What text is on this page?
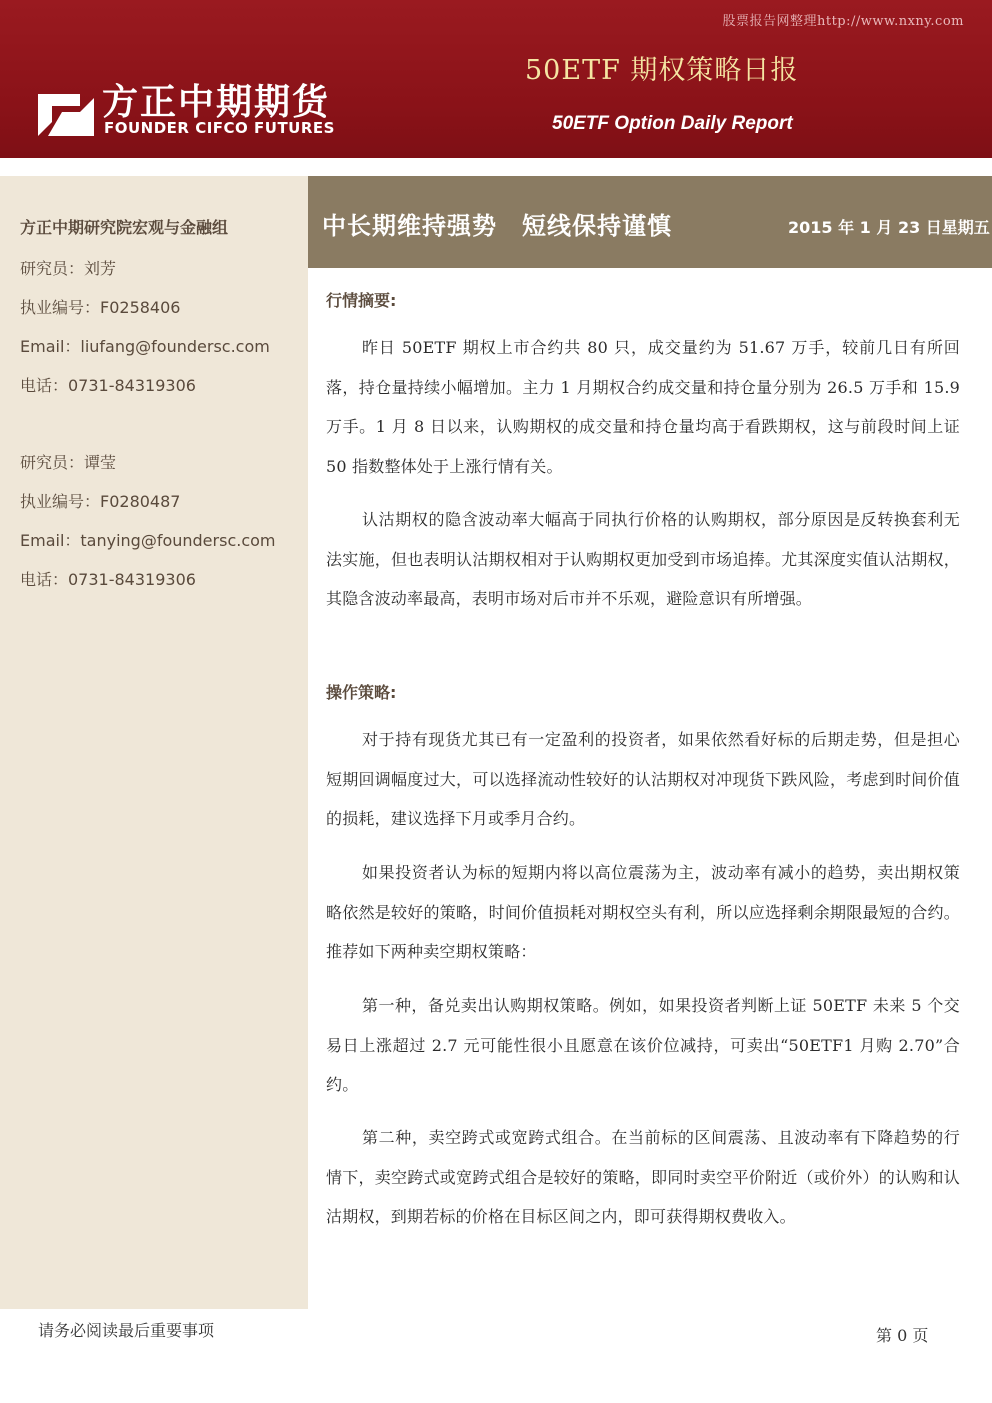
股票报告网整理http://www.nxny.com
方正中期期货
FOUNDER CIFCO FUTURES
50ETF 期权策略日报
50ETF Option Daily Report
方正中期研究院宏观与金融组
研究员：刘芳
执业编号：F0258406
Email：liufang@foundersc.com
电话：0731-84319306
研究员：谭莹
执业编号：F0280487
Email：tanying@foundersc.com
电话：0731-84319306
中长期维持强势　短线保持谨慎	2015 年 1 月 23 日星期五
行情摘要:
昨日 50ETF 期权上市合约共 80 只，成交量约为 51.67 万手，较前几日有所回落，持仓量持续小幅增加。主力 1 月期权合约成交量和持仓量分别为 26.5 万手和 15.9 万手。1 月 8 日以来，认购期权的成交量和持仓量均高于看跌期权，这与前段时间上证 50 指数整体处于上涨行情有关。
认沽期权的隐含波动率大幅高于同执行价格的认购期权，部分原因是反转换套利无法实施，但也表明认沽期权相对于认购期权更加受到市场追捧。尤其深度实值认沽期权，其隐含波动率最高，表明市场对后市并不乐观，避险意识有所增强。
操作策略:
对于持有现货尤其已有一定盈利的投资者，如果依然看好标的后期走势，但是担心短期回调幅度过大，可以选择流动性较好的认沽期权对冲现货下跌风险，考虑到时间价值的损耗，建议选择下月或季月合约。
如果投资者认为标的短期内将以高位震荡为主，波动率有减小的趋势，卖出期权策略依然是较好的策略，时间价值损耗对期权空头有利，所以应选择剩余期限最短的合约。推荐如下两种卖空期权策略：
第一种，备兑卖出认购期权策略。例如，如果投资者判断上证 50ETF 未来 5 个交易日上涨超过 2.7 元可能性很小且愿意在该价位减持，可卖出“50ETF1 月购 2.70”合约。
第二种，卖空跨式或宽跨式组合。在当前标的区间震荡、且波动率有下降趋势的行情下，卖空跨式或宽跨式组合是较好的策略，即同时卖空平价附近（或价外）的认购和认沽期权，到期若标的价格在目标区间之内，即可获得期权费收入。
请务必阅读最后重要事项	第 0 页
